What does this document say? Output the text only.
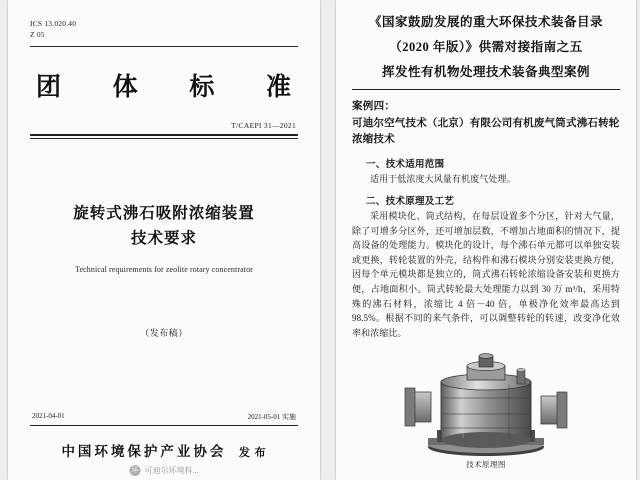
ICS 13.020.40
Z 05
团 体 标 准
T/CAEPI 31—2021
旋转式沸石吸附浓缩装置
技术要求
Technical requirements for zeolite rotary concentrator
（发布稿）
2021-04-01	2021-05-01 实施
中国环境保护产业协会 发 布
环 可迪尔环境科...
《国家鼓励发展的重大环保技术装备目录
（2020 年版）》供需对接指南之五
挥发性有机物处理技术装备典型案例
案例四：
可迪尔空气技术（北京）有限公司有机废气筒式沸石转轮浓缩技术
一、技术适用范围
适用于低浓度大风量有机废气处理。
二、技术原理及工艺
采用模块化、筒式结构，在每层设置多个分区，针对大气量，除了可增多分区外，还可增加层数，不增加占地面积的情况下，提高设备的处理能力。模块化的设计，每个沸石单元都可以单独安装或更换，转轮装置的外壳，结构件和沸石模块分别安装更换方便，因每个单元模块都是独立的，筒式沸石转轮浓缩设备安装和更换方便，占地面积小。筒式转轮最大处理能力以到 30 万 m³/h，采用特殊的沸石材料，浓缩比 4 倍－40 倍，单极净化效率最高达到 98.5%。根据不同的来气条件，可以调整转轮的转速，改变净化效率和浓缩比。
技术原理图
